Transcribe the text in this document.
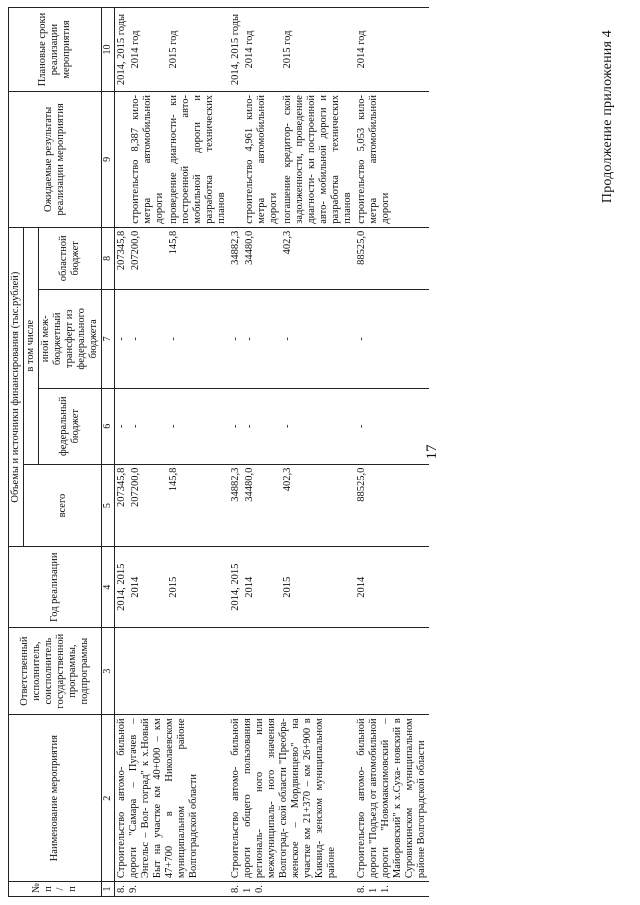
17
Продолжение приложения 4
№ п/п	Наименование мероприятия	Ответственный исполнитель, соисполнитель государственной программы, подпрограммы	Год реализации	Объемы и источники финансирования (тыс.рублей)				Ожидаемые результаты реализации мероприятия	Плановые сроки реализации мероприятия
				всего	в том числе				
					федеральный бюджет	иной меж- бюджетный трансферт из федерального бюджета	областной бюджет		
1	2	3	4	5	6	7	8	9	10
8.9.	Строительство автомо- бильной дороги "Самара – Пугачев – Энгельс – Вол- гоград" к х.Новый Быт на участке км 40+000 – км 47+700 в Николаевском муниципальном районе Волгоградской области		2014, 2015	207345,8	-	-	207345,8		2014, 2015 годы
			2014	207200,0	-	-	207200,0	строительство 8,387 кило- метра автомобильной дороги	2014 год
			2015	145,8	-	-	145,8	проведение диагности- ки построенной авто- мобильной дороги и разработка технических планов	2015 год
8.10.	Строительство автомо- бильной дороги общего пользования региональ- ного или межмуниципаль- ного значения Волгоград- ской области "Преобра- женское – Мордвинцево" на участке км 21+370 – км 26+900 в Киквид- зенском муниципальном районе		2014, 2015	34882,3	-	-	34882,3		2014, 2015 годы
			2014	34480,0	-	-	34480,0	строительство 4,961 кило- метра автомобильной дороги	2014 год
			2015	402,3	-	-	402,3	погашение кредитор- ской задолженности, проведение диагности- ки построенной авто- мобильной дороги и разработка технических планов	2015 год
8.11.	Строительство автомо- бильной дороги "Подъезд от автомобильной дороги "Новомаксимовский – Майоровский" к х.Суха- новский в Суровикинском муниципальном районе Волгоградской области		2014	88525,0	-	-	88525,0	строительство 5,053 кило- метра автомобильной дороги	2014 год
